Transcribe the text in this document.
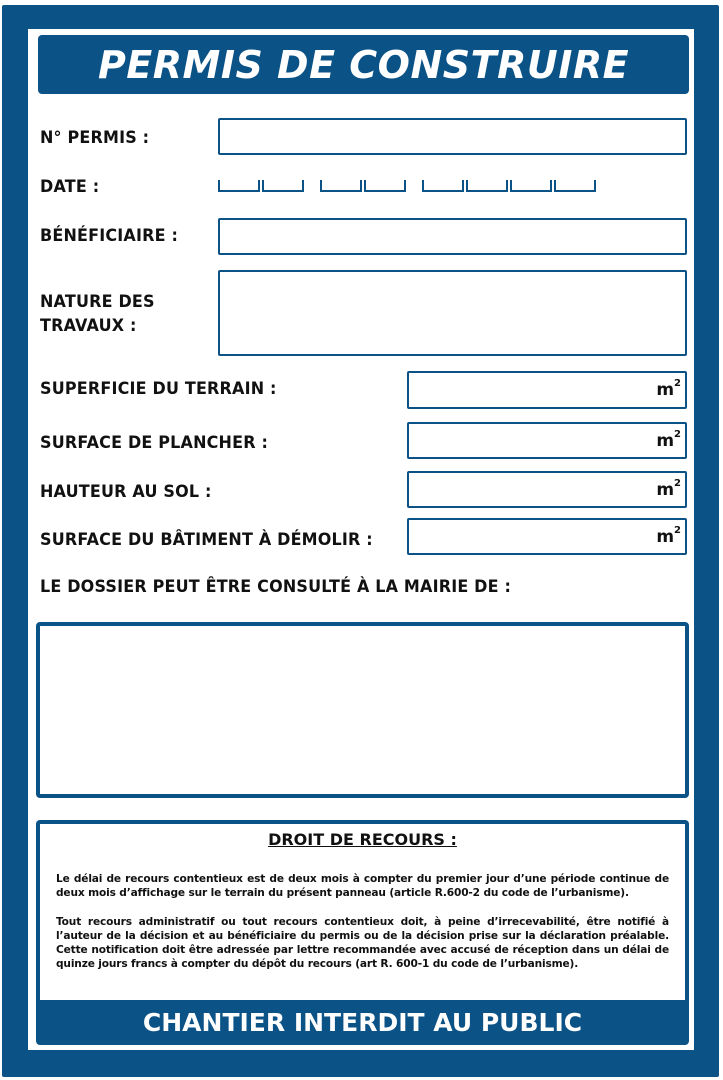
PERMIS DE CONSTRUIRE
N° PERMIS :
DATE :
BÉNÉFICIAIRE :
NATURE DES
TRAVAUX :
SUPERFICIE DU TERRAIN :	$m^2$
SURFACE DE PLANCHER :	$m^2$
HAUTEUR AU SOL :	$m^2$
SURFACE DU BÂTIMENT À DÉMOLIR :	$m^2$
LE DOSSIER PEUT ÊTRE CONSULTÉ À LA MAIRIE DE :
DROIT DE RECOURS :
Le délai de recours contentieux est de deux mois à compter du premier jour d’une période continue de deux mois d’affichage sur le terrain du présent panneau (article R.600-2 du code de l’urbanisme).
Tout recours administratif ou tout recours contentieux doit, à peine d’irrecevabilité, être notifié à l’auteur de la décision et au bénéficiaire du permis ou de la décision prise sur la déclaration préalable. Cette notification doit être adressée par lettre recommandée avec accusé de réception dans un délai de quinze jours francs à compter du dépôt du recours (art R. 600-1 du code de l’urbanisme).
CHANTIER INTERDIT AU PUBLIC
